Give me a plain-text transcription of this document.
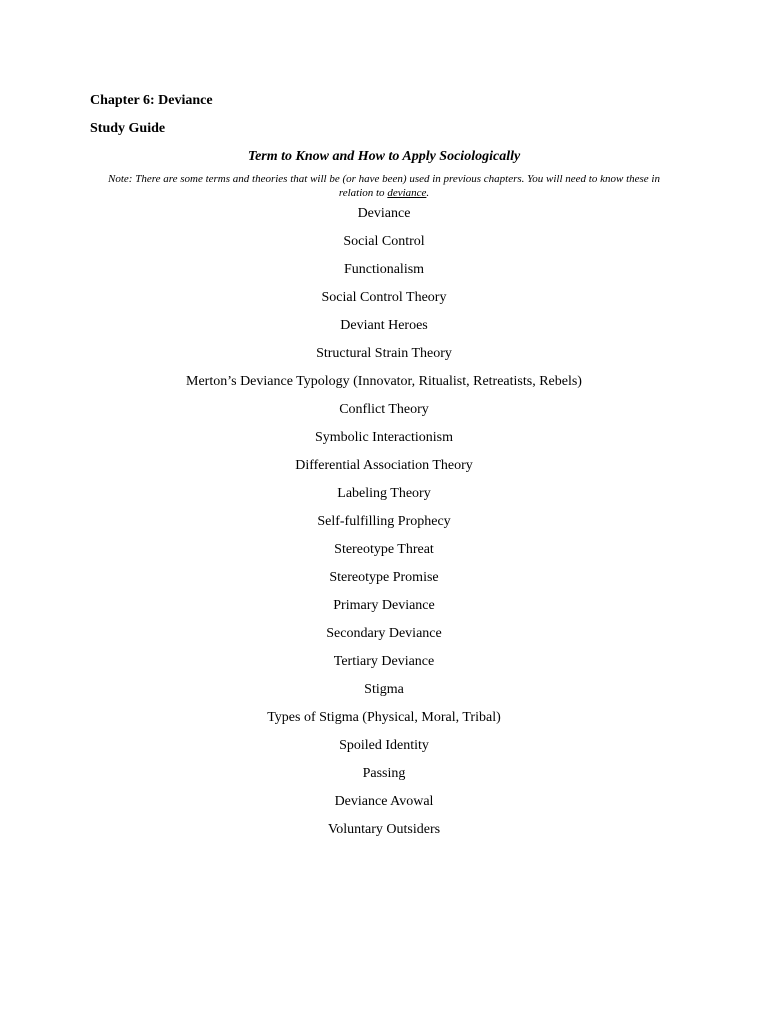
Chapter 6: Deviance

Study Guide

Term to Know and How to Apply Sociologically
Note: There are some terms and theories that will be (or have been) used in previous chapters. You will need to know these in relation to deviance.
Deviance
Social Control
Functionalism
Social Control Theory
Deviant Heroes
Structural Strain Theory
Merton’s Deviance Typology (Innovator, Ritualist, Retreatists, Rebels)
Conflict Theory
Symbolic Interactionism
Differential Association Theory
Labeling Theory
Self-fulfilling Prophecy
Stereotype Threat
Stereotype Promise
Primary Deviance
Secondary Deviance
Tertiary Deviance
Stigma
Types of Stigma (Physical, Moral, Tribal)
Spoiled Identity
Passing
Deviance Avowal
Voluntary Outsiders
